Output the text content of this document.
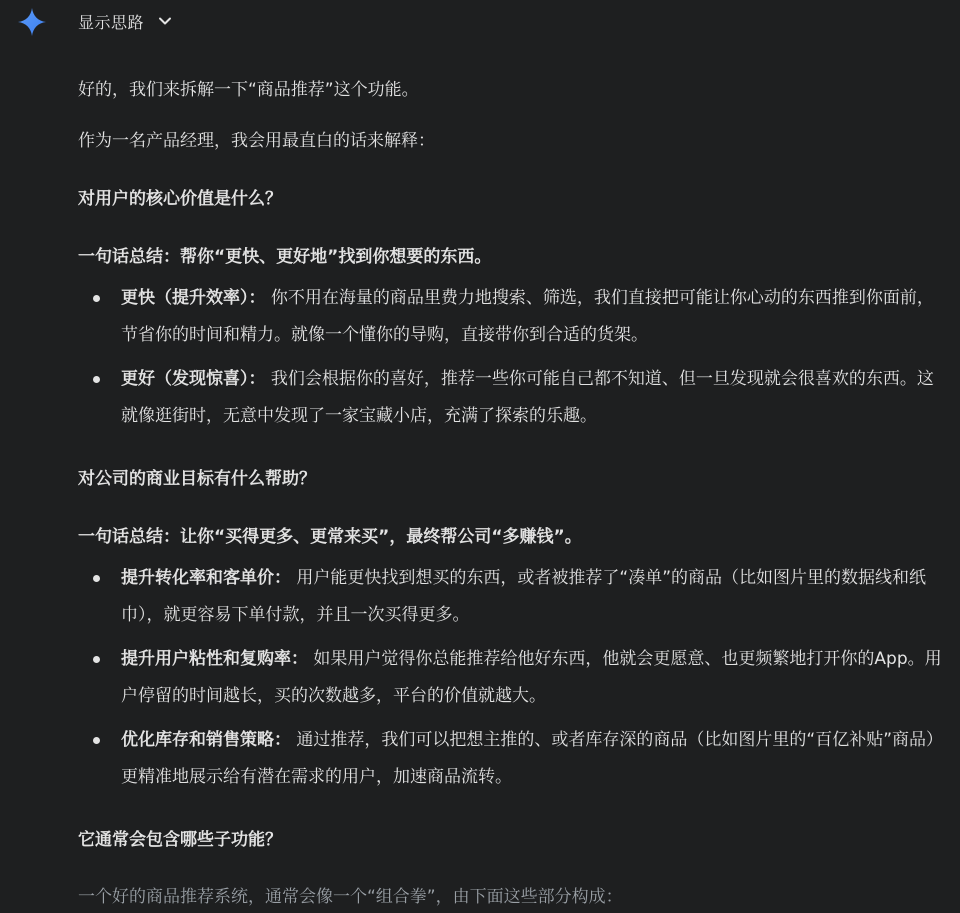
显示思路

好的，我们来拆解一下“商品推荐”这个功能。

作为一名产品经理，我会用最直白的话来解释：

对用户的核心价值是什么？

一句话总结：帮你“更快、更好地”找到你想要的东西。

更快（提升效率）： 你不用在海量的商品里费力地搜索、筛选，我们直接把可能让你心动的东西推到你面前，节省你的时间和精力。就像一个懂你的导购，直接带你到合适的货架。
更好（发现惊喜）： 我们会根据你的喜好，推荐一些你可能自己都不知道、但一旦发现就会很喜欢的东西。这就像逛街时，无意中发现了一家宝藏小店，充满了探索的乐趣。

对公司的商业目标有什么帮助？

一句话总结：让你“买得更多、更常来买”，最终帮公司“多赚钱”。

提升转化率和客单价： 用户能更快找到想买的东西，或者被推荐了“凑单”的商品（比如图片里的数据线和纸巾），就更容易下单付款，并且一次买得更多。
提升用户粘性和复购率： 如果用户觉得你总能推荐给他好东西，他就会更愿意、也更频繁地打开你的App。用户停留的时间越长，买的次数越多，平台的价值就越大。
优化库存和销售策略： 通过推荐，我们可以把想主推的、或者库存深的商品（比如图片里的“百亿补贴”商品）更精准地展示给有潜在需求的用户，加速商品流转。

它通常会包含哪些子功能？

一个好的商品推荐系统，通常会像一个“组合拳”，由下面这些部分构成：
